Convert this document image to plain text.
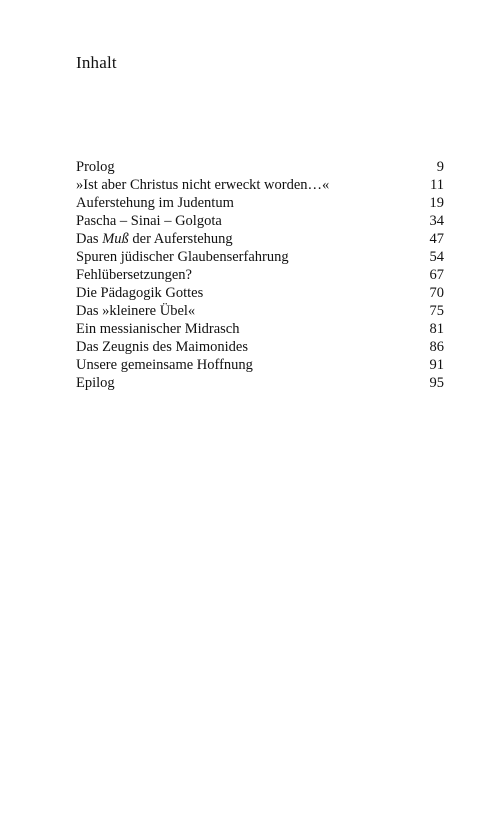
Inhalt
Prolog	9
»Ist aber Christus nicht erweckt worden…«	11
Auferstehung im Judentum	19
Pascha – Sinai – Golgota	34
Das Muß der Auferstehung	47
Spuren jüdischer Glaubenserfahrung	54
Fehlübersetzungen?	67
Die Pädagogik Gottes	70
Das »kleinere Übel«	75
Ein messianischer Midrasch	81
Das Zeugnis des Maimonides	86
Unsere gemeinsame Hoffnung	91
Epilog	95
